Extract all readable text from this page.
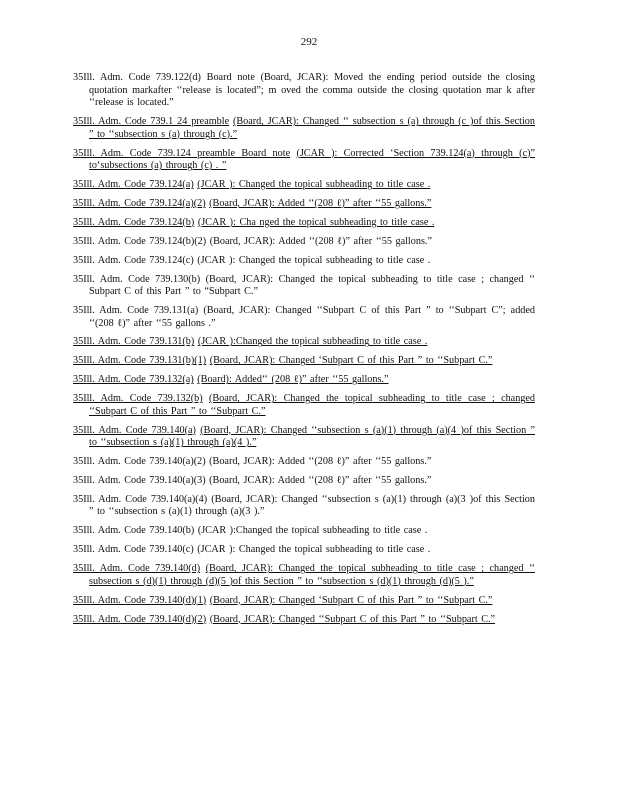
292

35Ill. Adm. Code 739.122(d) Board note (Board, JCAR): Moved the ending period outside the closing quotation markafter ‘‘release is located”; m oved the comma outside the closing quotation mar k after ‘‘release is located.”

35Ill. Adm. Code 739.1 24 preamble (Board, JCAR): Changed ‘‘ subsection s (a) through (c )of this Section ” to ‘‘subsection s (a) through (c).”

35Ill. Adm. Code 739.124 preamble Board note (JCAR ): Corrected ‘Section 739.124(a) through (c)” to‘subsections (a) through (c) . ”

35Ill. Adm. Code 739.124(a) (JCAR ): Changed the topical subheading to title case .

35Ill. Adm. Code 739.124(a)(2) (Board, JCAR): Added ‘‘(208 ℓ)” after ‘‘55 gallons.”

35Ill. Adm. Code 739.124(b) (JCAR ): Cha nged the topical subheading to title case .

35Ill. Adm. Code 739.124(b)(2) (Board, JCAR): Added ‘‘(208 ℓ)” after ‘‘55 gallons.”

35Ill. Adm. Code 739.124(c) (JCAR ): Changed the topical subheading to title case .

35Ill. Adm. Code 739.130(b) (Board, JCAR): Changed the topical subheading to title case ; changed ‘‘ Subpart C of this Part ” to “Subpart C.”

35Ill. Adm. Code 739.131(a) (Board, JCAR): Changed ‘‘Subpart C of this Part ” to ‘‘Subpart C”; added ‘‘(208 ℓ)” after ‘‘55 gallons .”

35Ill. Adm. Code 739.131(b) (JCAR ):Changed the topical subheading to title case .

35Ill. Adm. Code 739.131(b)(1) (Board, JCAR): Changed ‘Subpart C of this Part ” to ‘‘Subpart C.”

35Ill. Adm. Code 739.132(a) (Board): Added‘‘ (208 ℓ)” after ‘‘55 gallons.”

35Ill. Adm. Code 739.132(b) (Board, JCAR): Changed the topical subheading to title case ; changed ‘‘Subpart C of this Part ” to ‘‘Subpart C.”

35Ill. Adm. Code 739.140(a) (Board, JCAR): Changed ‘‘subsection s (a)(1) through (a)(4 )of this Section ” to ‘‘subsection s (a)(1) through (a)(4 ).”

35Ill. Adm. Code 739.140(a)(2) (Board, JCAR): Added ‘‘(208 ℓ)” after ‘‘55 gallons.”

35Ill. Adm. Code 739.140(a)(3) (Board, JCAR): Added ‘‘(208 ℓ)” after ‘‘55 gallons.”

35Ill. Adm. Code 739.140(a)(4) (Board, JCAR): Changed ‘‘subsection s (a)(1) through (a)(3 )of this Section ” to ‘‘subsection s (a)(1) through (a)(3 ).”

35Ill. Adm. Code 739.140(b) (JCAR ):Changed the topical subheading to title case .

35Ill. Adm. Code 739.140(c) (JCAR ): Changed the topical subheading to title case .

35Ill. Adm. Code 739.140(d) (Board, JCAR): Changed the topical subheading to title case ; changed ‘‘ subsection s (d)(1) through (d)(5 )of this Section ” to ‘‘subsection s (d)(1) through (d)(5 ).”

35Ill. Adm. Code 739.140(d)(1) (Board, JCAR): Changed ‘Subpart C of this Part ” to ‘‘Subpart C.”

35Ill. Adm. Code 739.140(d)(2) (Board, JCAR): Changed ‘‘Subpart C of this Part ” to ‘‘Subpart C.”
